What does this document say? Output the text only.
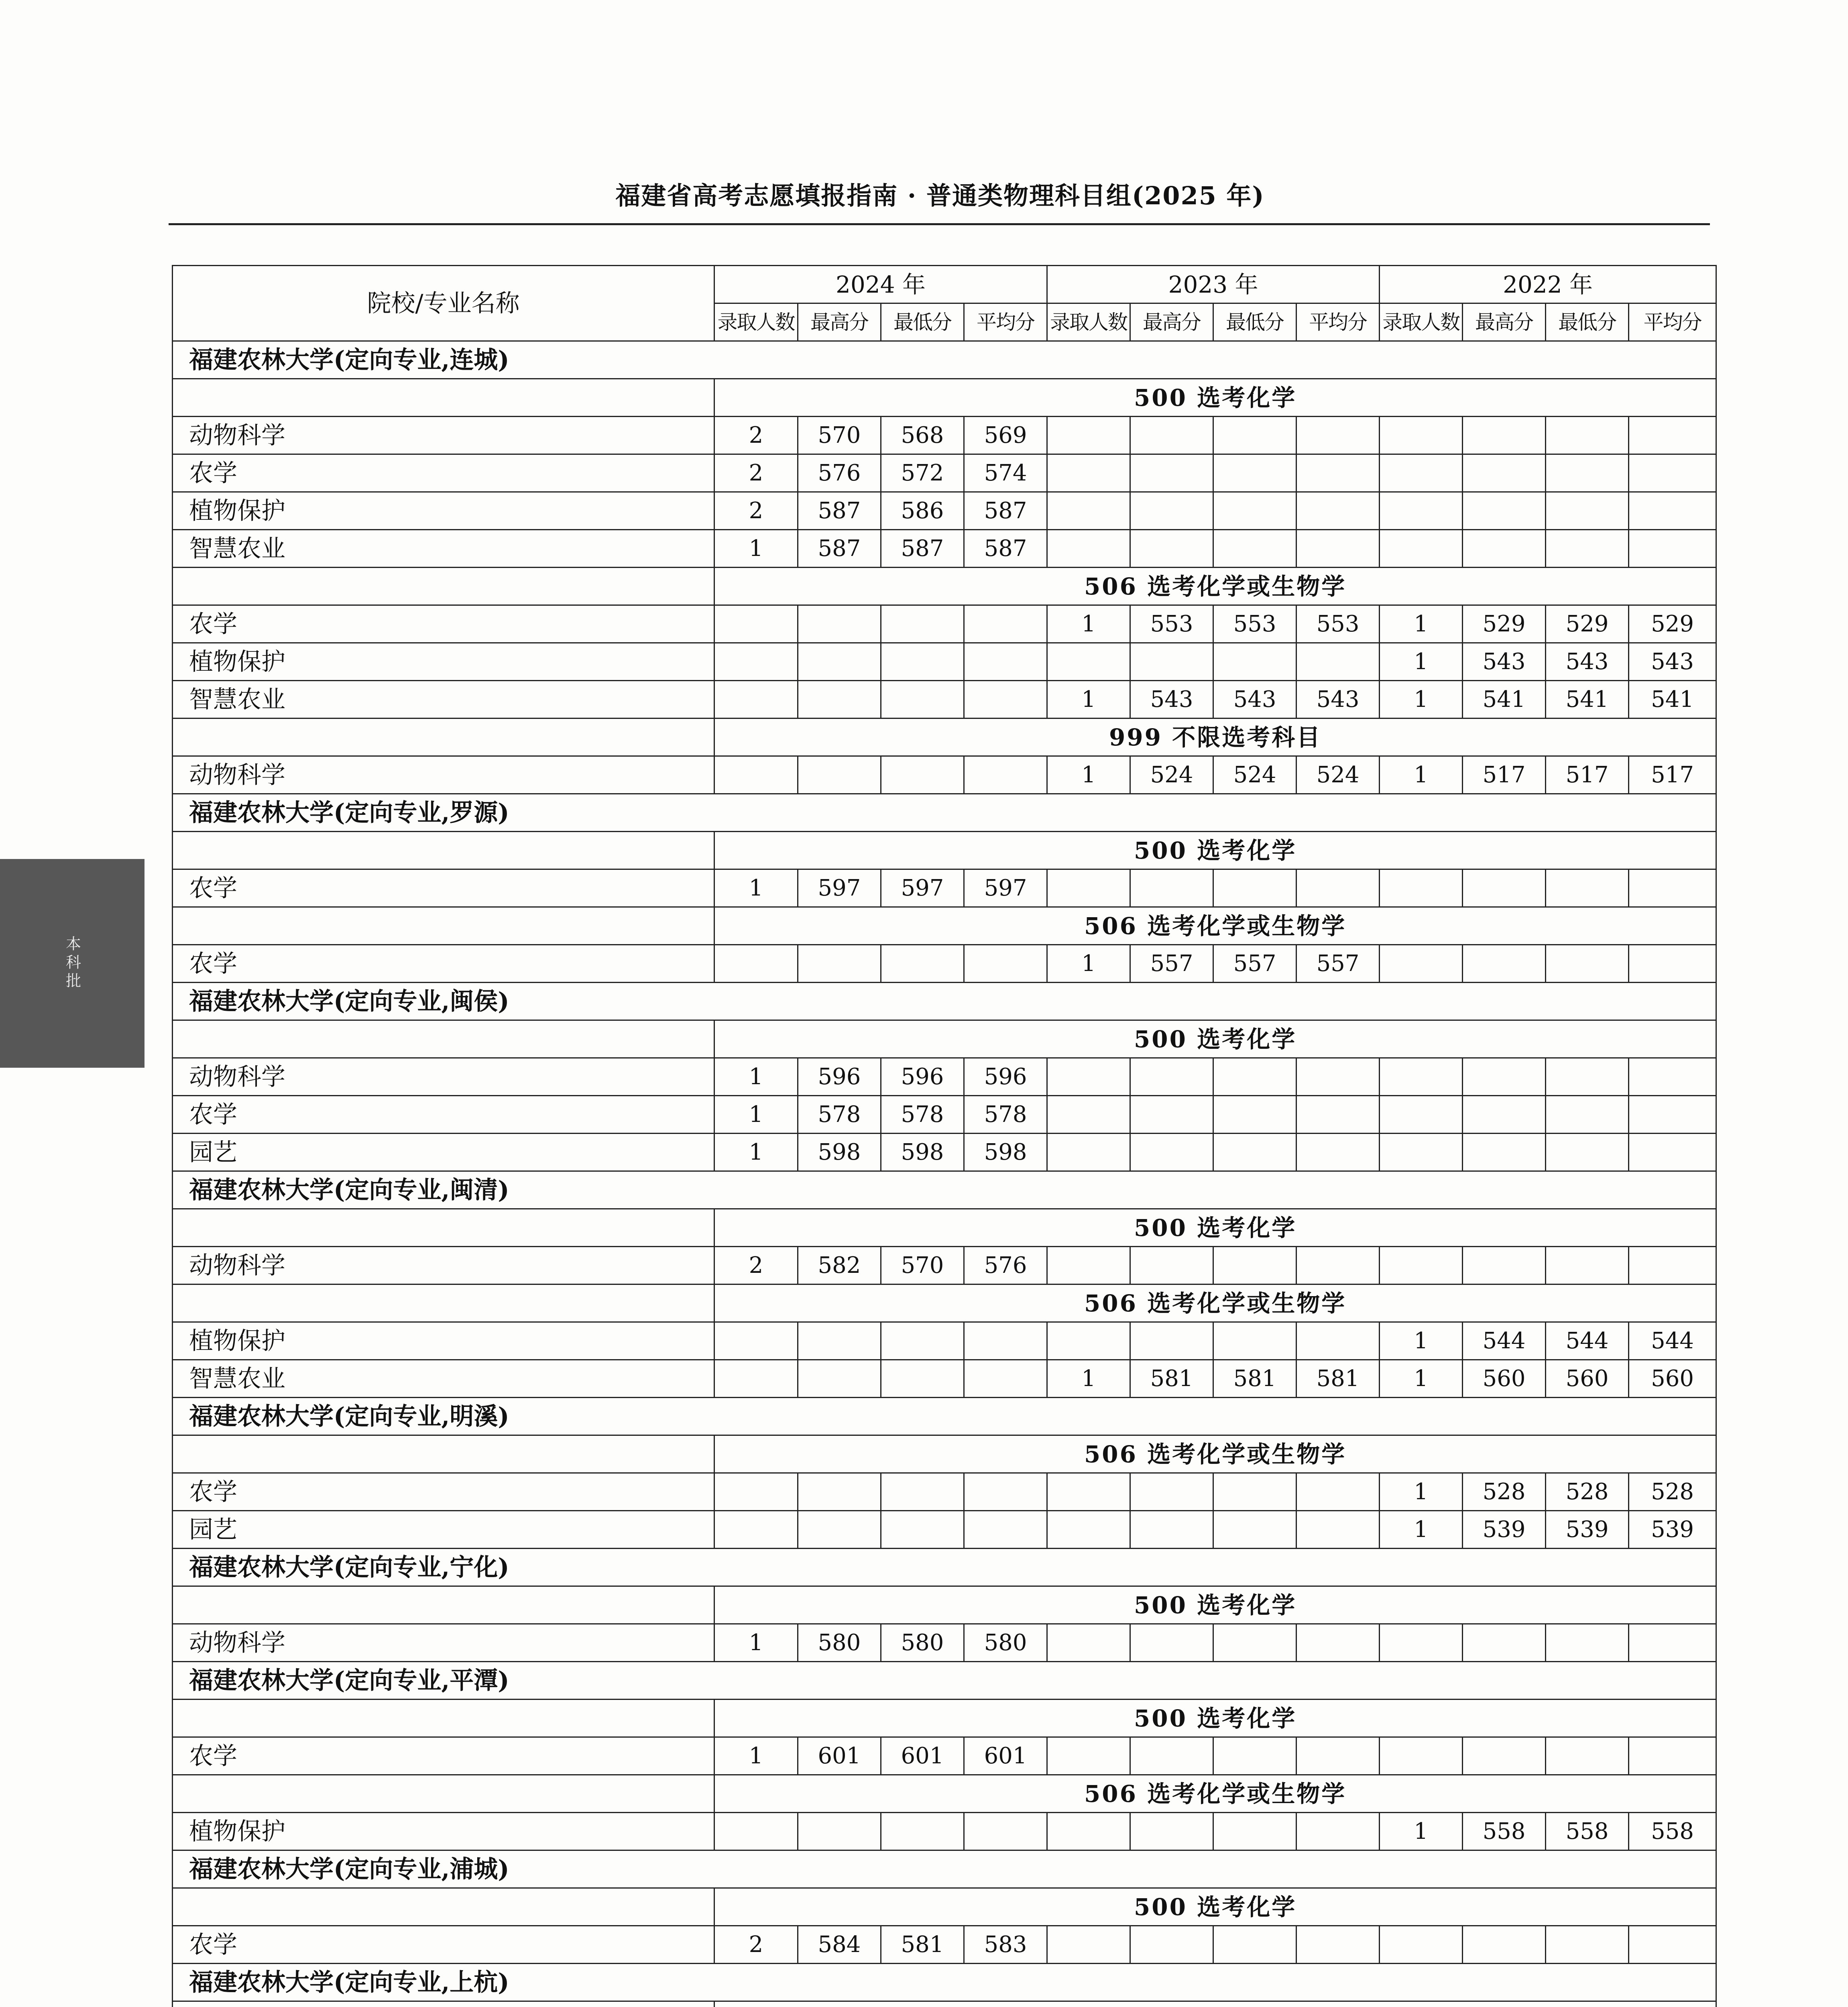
福建省高考志愿填报指南 · 普通类物理科目组(2025 年)
本科批
院校/专业名称	2024 年				2023 年				2022 年			
	录取人数	最高分	最低分	平均分	录取人数	最高分	最低分	平均分	录取人数	最高分	最低分	平均分
福建农林大学(定向专业,连城)												
	500 选考化学											
动物科学	2	570	568	569								
农学	2	576	572	574								
植物保护	2	587	586	587								
智慧农业	1	587	587	587								
	506 选考化学或生物学											
农学					1	553	553	553	1	529	529	529
植物保护									1	543	543	543
智慧农业					1	543	543	543	1	541	541	541
	999 不限选考科目											
动物科学					1	524	524	524	1	517	517	517
福建农林大学(定向专业,罗源)												
	500 选考化学											
农学	1	597	597	597								
	506 选考化学或生物学											
农学					1	557	557	557				
福建农林大学(定向专业,闽侯)												
	500 选考化学											
动物科学	1	596	596	596								
农学	1	578	578	578								
园艺	1	598	598	598								
福建农林大学(定向专业,闽清)												
	500 选考化学											
动物科学	2	582	570	576								
	506 选考化学或生物学											
植物保护									1	544	544	544
智慧农业					1	581	581	581	1	560	560	560
福建农林大学(定向专业,明溪)												
	506 选考化学或生物学											
农学									1	528	528	528
园艺									1	539	539	539
福建农林大学(定向专业,宁化)												
	500 选考化学											
动物科学	1	580	580	580								
福建农林大学(定向专业,平潭)												
	500 选考化学											
农学	1	601	601	601								
	506 选考化学或生物学											
植物保护									1	558	558	558
福建农林大学(定向专业,浦城)												
	500 选考化学											
农学	2	584	581	583								
福建农林大学(定向专业,上杭)												
